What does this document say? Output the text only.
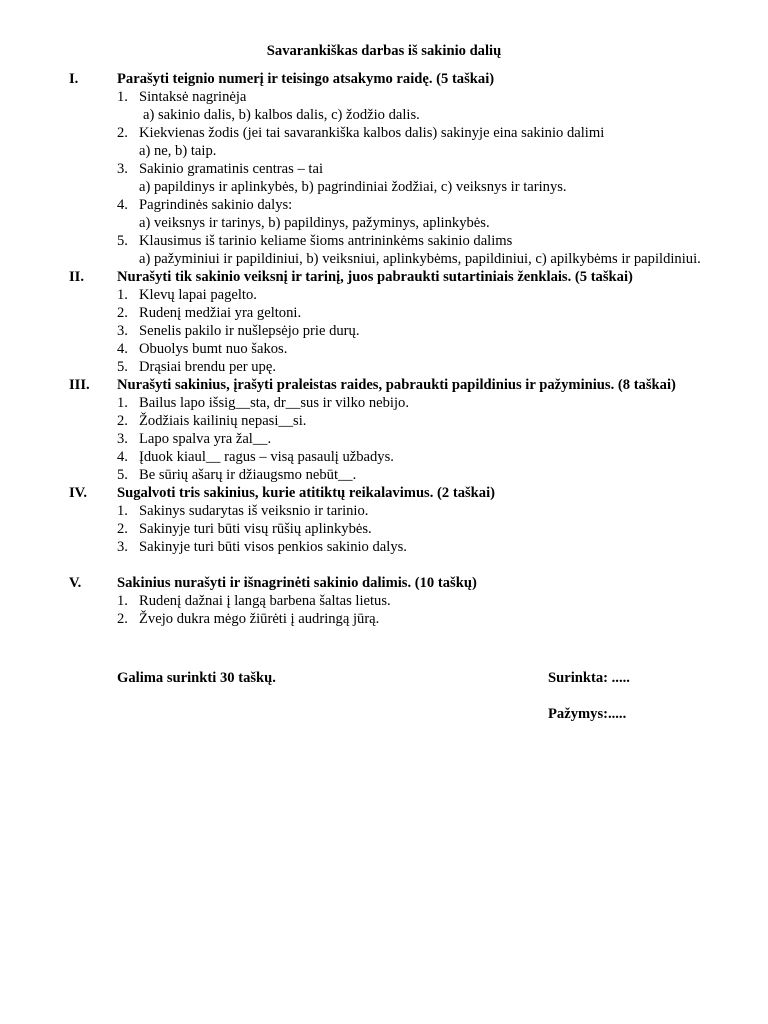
Savarankiškas darbas iš sakinio dalių
I.	Parašyti teignio numerį ir teisingo atsakymo raidę. (5 taškai)
1. Sintaksė nagrinėja
a) sakinio dalis, b) kalbos dalis, c) žodžio dalis.
2. Kiekvienas žodis (jei tai savarankiška kalbos dalis) sakinyje eina sakinio dalimi
a) ne, b) taip.
3. Sakinio gramatinis centras – tai
a) papildinys ir aplinkybės, b) pagrindiniai žodžiai, c) veiksnys ir tarinys.
4. Pagrindinės sakinio dalys:
a) veiksnys ir tarinys, b) papildinys, pažyminys, aplinkybės.
5. Klausimus iš tarinio keliame šioms antrininkėms sakinio dalims
a) pažyminiui ir papildiniui, b) veiksniui, aplinkybėms, papildiniui, c) apilkybėms ir papildiniui.
II.	Nurašyti tik sakinio veiksnį ir tarinį, juos pabraukti sutartiniais ženklais. (5 taškai)
1. Klevų lapai pagelto.
2. Rudenį medžiai yra geltoni.
3. Senelis pakilo ir nušlepsėjo prie durų.
4. Obuolys bumt nuo šakos.
5. Drąsiai brendu per upę.
III.	Nurašyti sakinius, įrašyti praleistas raides, pabraukti papildinius ir pažyminius. (8 taškai)
1. Bailus lapo išsig__sta, dr__sus ir vilko nebijo.
2. Žodžiais kailinių nepasi__si.
3. Lapo spalva yra žal__.
4. Įduok kiaul__ ragus – visą pasaulį užbadys.
5. Be sūrių ašarų ir džiaugsmo nebūt__.
IV.	Sugalvoti tris sakinius, kurie atitiktų reikalavimus. (2 taškai)
1. Sakinys sudarytas iš veiksnio ir tarinio.
2. Sakinyje turi būti visų rūšių aplinkybės.
3. Sakinyje turi būti visos penkios sakinio dalys.
V.	Sakinius nurašyti ir išnagrinėti sakinio dalimis. (10 taškų)
1. Rudenį dažnai į langą barbena šaltas lietus.
2. Žvejo dukra mėgo žiūrėti į audringą jūrą.
Galima surinkti 30 taškų.	Surinkta: .....
Pažymys:.....
